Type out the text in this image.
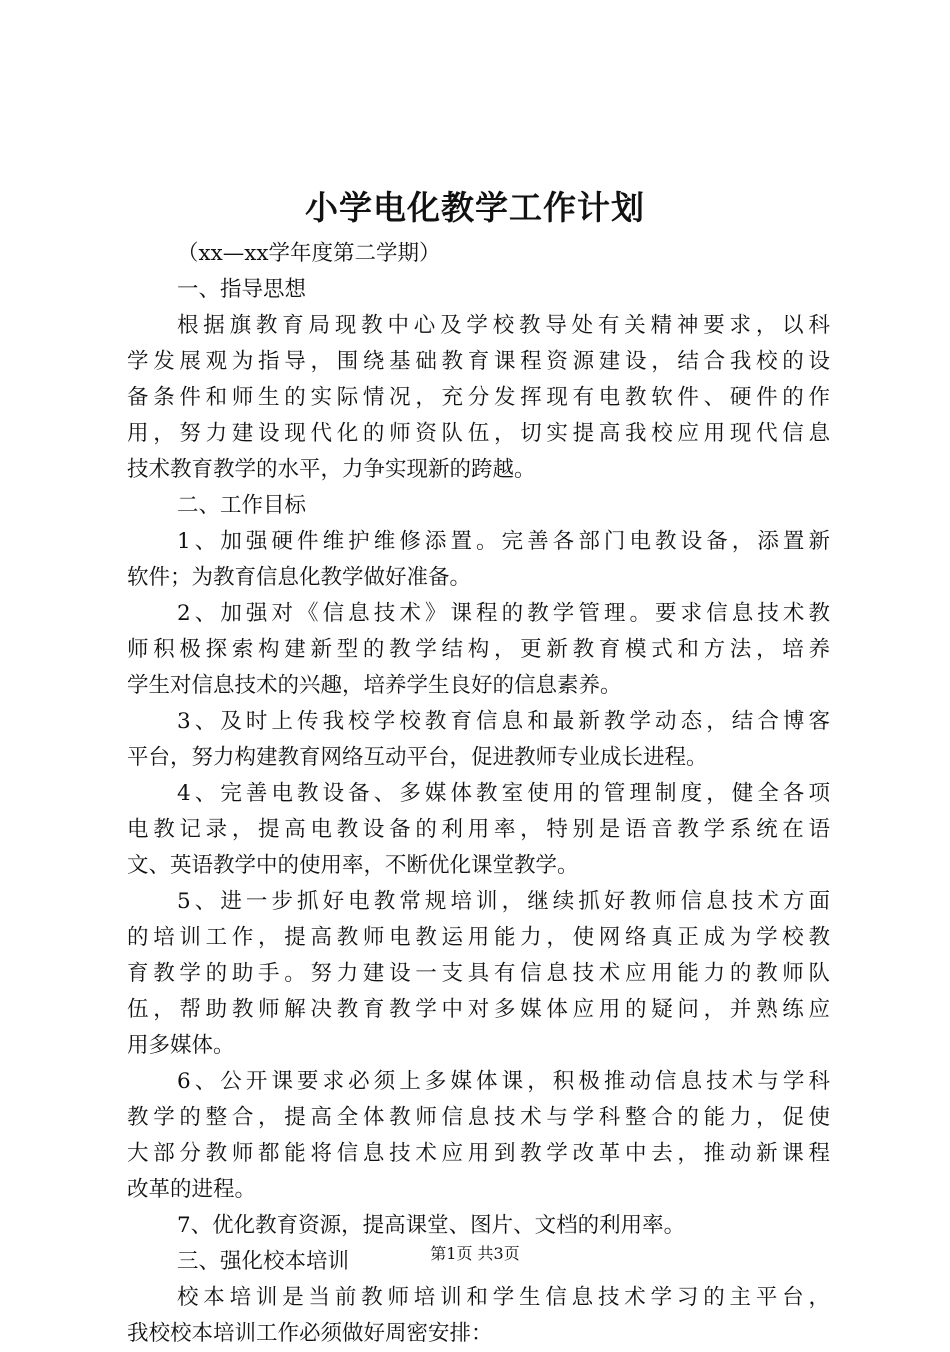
小学电化教学工作计划
（xx—xx学年度第二学期）
一、指导思想
根据旗教育局现教中心及学校教导处有关精神要求，以科
学发展观为指导，围绕基础教育课程资源建设，结合我校的设
备条件和师生的实际情况，充分发挥现有电教软件、硬件的作
用，努力建设现代化的师资队伍，切实提高我校应用现代信息
技术教育教学的水平，力争实现新的跨越。
二、工作目标
1、加强硬件维护维修添置。完善各部门电教设备，添置新
软件；为教育信息化教学做好准备。
2、加强对《信息技术》课程的教学管理。要求信息技术教
师积极探索构建新型的教学结构，更新教育模式和方法，培养
学生对信息技术的兴趣，培养学生良好的信息素养。
3、及时上传我校学校教育信息和最新教学动态，结合博客
平台，努力构建教育网络互动平台，促进教师专业成长进程。
4、完善电教设备、多媒体教室使用的管理制度，健全各项
电教记录，提高电教设备的利用率，特别是语音教学系统在语
文、英语教学中的使用率，不断优化课堂教学。
5、进一步抓好电教常规培训，继续抓好教师信息技术方面
的培训工作，提高教师电教运用能力，使网络真正成为学校教
育教学的助手。努力建设一支具有信息技术应用能力的教师队
伍，帮助教师解决教育教学中对多媒体应用的疑问，并熟练应
用多媒体。
6、公开课要求必须上多媒体课，积极推动信息技术与学科
教学的整合，提高全体教师信息技术与学科整合的能力，促使
大部分教师都能将信息技术应用到教学改革中去，推动新课程
改革的进程。
7、优化教育资源，提高课堂、图片、文档的利用率。
三、强化校本培训
校本培训是当前教师培训和学生信息技术学习的主平台，
我校校本培训工作必须做好周密安排：
第1页 共3页
